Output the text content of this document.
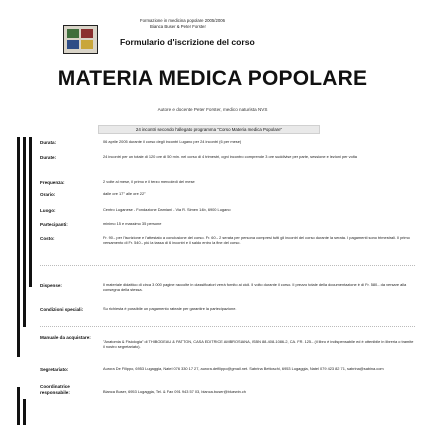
Formazione in medicina popolare 2005/2006
Bianca Buser & Peter Forster
Formulario d'iscrizione del corso
MATERIA MEDICA POPOLARE
Autore e docente Peter Forster, medico naturista NVS
24 incontri secondo l'allegato programma "Corso Materia medica Popolare"
Durata:	06 aprile 2005 durante il corso degli incontri Lugano per 24 incontri (6 per mese)
Durate:	24 incontri per un totale di 120 ore di 50 min. nel corso di 4 trimestri, ogni incontro comprende 3 ore suddivise per parte, sessione e lezioni per volta
Frequenza:	2 volte al mese, il primo e il terzo mercoledì del mese
Orario:	dalle ore 17° alle ore 22°
Luogo:	Centro Luganese - Fondazione Damiani - Via R. Simen 14b, 6900 Lugano
Partecipanti:	minimo 15 e massimo 35 persone
Costo:	Fr. 90.- per l'iscrizione e l'attestato a conclusione del corso. Fr. 60.- 2 serata per persona compresi tutti gli incontri del corso durante la serata. I pagamenti sono trimestrali. Il primo versamento di Fr. 540.- più la tassa di 6 incontri e il saldo entro la fine del corso.
Dispense:	Il materiale didattico di circa 3 000 pagine raccolte in classificatori verrà fornito ai cicli. Il volto durante il corso. Il prezzo totale della documentazione è di Fr. 580.- da versare alla consegna della stessa.
Condizioni speciali:	Su richiesta è possibile un pagamento rateale per garantire la partecipazione.
Manuale da acquistare:
"Anatomia & Fisiologia" di THIBODEAU & PATTON, CASA EDITRICE AMBROSIANA, ISBN 88-408-1086-2, CA. FR. 125.- (il libro è indispensabile ed è ottenibile in libreria o tramite il nostro segretariato).
Segretariato:	Aurora De Filippo, 6953 Lugaggia, Natel 076 330 17 27, aurora.defilippo@gmail.net. Sabrina Bettoschi, 6953 Lugaggia, Natel 079 423 82 71, sabrina@sabina.com
Coordinatrice responsabile:	Bianca Buser, 6953 Lugaggia, Tel. & Fax 091 943 57 03, bianca.buser@bluewin.ch
